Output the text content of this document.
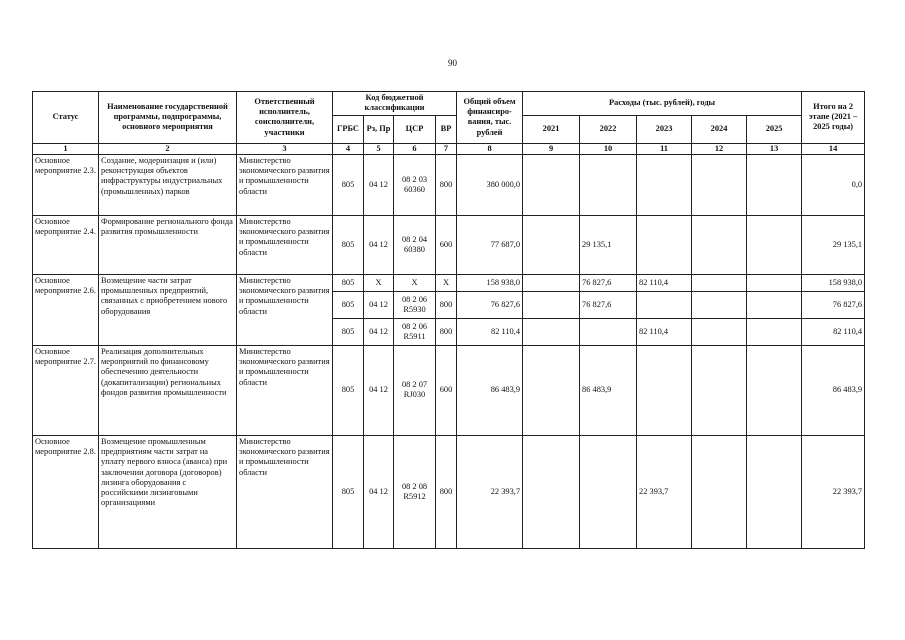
90
Статус	Наименование государственной программы, подпрограммы, основного мероприятия	Ответственный исполнитель, соисполнители, участники	Код бюджетной классификации				Общий объем финансиро-вания, тыс. рублей	Расходы (тыс. рублей), годы					Итого на 2 этапе (2021 – 2025 годы)
			ГРБС	Рз, Пр	ЦСР	ВР		2021	2022	2023	2024	2025	
1	2	3	4	5	6	7	8	9	10	11	12	13	14
Основное мероприятие 2.3.	Создание, модернизация и (или) реконструкция объектов инфраструктуры индустриальных (промышленных) парков	Министерство экономического развития и промышленности области	805	04 12	08 2 03 60360	800	380 000,0						0,0
Основное мероприятие 2.4.	Формирование регионального фонда развития промышленности	Министерство экономического развития и промышленности области	805	04 12	08 2 04 60380	600	77 687,0		29 135,1				29 135,1
Основное мероприятие 2.6.	Возмещение части затрат промышленных предприятий, связанных с приобретением нового оборудования	Министерство экономического развития и промышленности области	805	X	X	X	158 938,0		76 827,6	82 110,4			158 938,0
			805	04 12	08 2 06 R5930	800	76 827,6		76 827,6				76 827,6
			805	04 12	08 2 06 R5911	800	82 110,4			82 110,4			82 110,4
Основное мероприятие 2.7.	Реализация дополнительных мероприятий по финансовому обеспечению деятельности (докапитализации) региональных фондов развития промышленности	Министерство экономического развития и промышленности области	805	04 12	08 2 07 RJ030	600	86 483,9		86 483,9				86 483,9
Основное мероприятие 2.8.	Возмещение промышленным предприятиям части затрат на уплату первого взноса (аванса) при заключении договора (договоров) лизинга оборудования с российскими лизинговыми организациями	Министерство экономического развития и промышленности области	805	04 12	08 2 08 R5912	800	22 393,7			22 393,7			22 393,7
